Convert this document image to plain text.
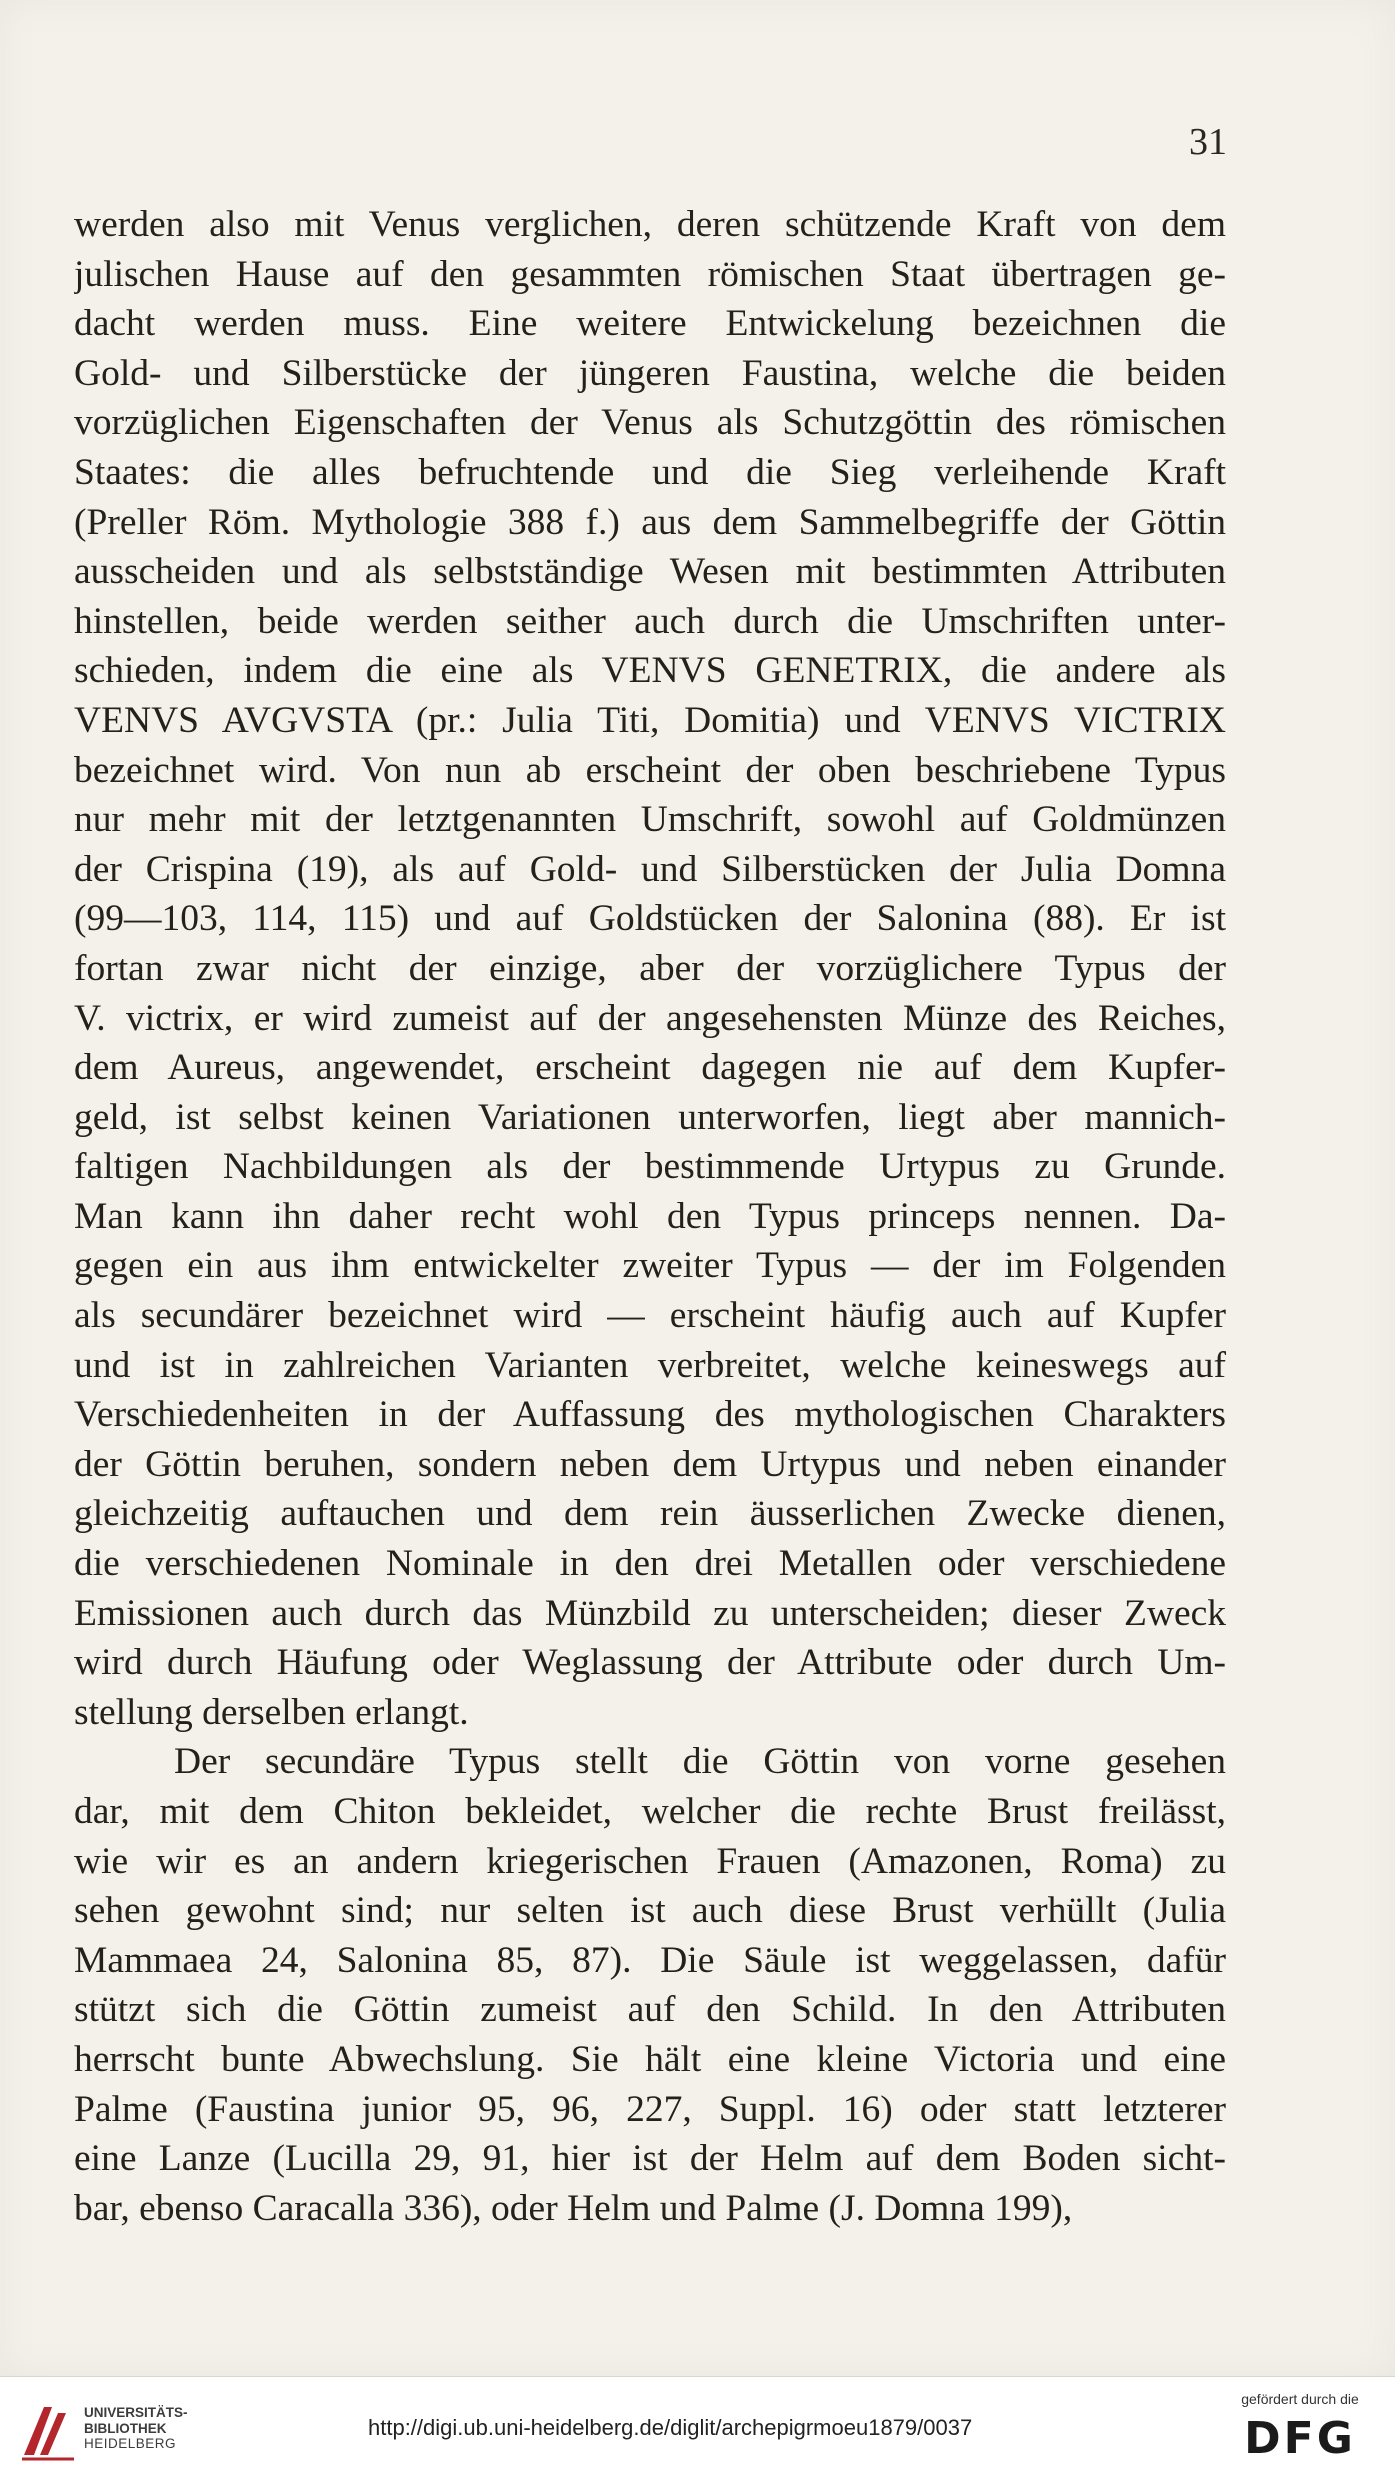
31
werden also mit Venus verglichen, deren schützende Kraft von dem
julischen Hause auf den gesammten römischen Staat übertragen ge-
dacht werden muss. Eine weitere Entwickelung bezeichnen die
Gold- und Silberstücke der jüngeren Faustina, welche die beiden
vorzüglichen Eigenschaften der Venus als Schutzgöttin des römischen
Staates: die alles befruchtende und die Sieg verleihende Kraft
(Preller Röm. Mythologie 388 f.) aus dem Sammelbegriffe der Göttin
ausscheiden und als selbstständige Wesen mit bestimmten Attributen
hinstellen, beide werden seither auch durch die Umschriften unter-
schieden, indem die eine als VENVS GENETRIX, die andere als
VENVS AVGVSTA (pr.: Julia Titi, Domitia) und VENVS VICTRIX
bezeichnet wird. Von nun ab erscheint der oben beschriebene Typus
nur mehr mit der letztgenannten Umschrift, sowohl auf Goldmünzen
der Crispina (19), als auf Gold- und Silberstücken der Julia Domna
(99—103, 114, 115) und auf Goldstücken der Salonina (88). Er ist
fortan zwar nicht der einzige, aber der vorzüglichere Typus der
V. victrix, er wird zumeist auf der angesehensten Münze des Reiches,
dem Aureus, angewendet, erscheint dagegen nie auf dem Kupfer-
geld, ist selbst keinen Variationen unterworfen, liegt aber mannich-
faltigen Nachbildungen als der bestimmende Urtypus zu Grunde.
Man kann ihn daher recht wohl den Typus princeps nennen. Da-
gegen ein aus ihm entwickelter zweiter Typus — der im Folgenden
als secundärer bezeichnet wird — erscheint häufig auch auf Kupfer
und ist in zahlreichen Varianten verbreitet, welche keineswegs auf
Verschiedenheiten in der Auffassung des mythologischen Charakters
der Göttin beruhen, sondern neben dem Urtypus und neben einander
gleichzeitig auftauchen und dem rein äusserlichen Zwecke dienen,
die verschiedenen Nominale in den drei Metallen oder verschiedene
Emissionen auch durch das Münzbild zu unterscheiden; dieser Zweck
wird durch Häufung oder Weglassung der Attribute oder durch Um-
stellung derselben erlangt.
Der secundäre Typus stellt die Göttin von vorne gesehen
dar, mit dem Chiton bekleidet, welcher die rechte Brust freilässt,
wie wir es an andern kriegerischen Frauen (Amazonen, Roma) zu
sehen gewohnt sind; nur selten ist auch diese Brust verhüllt (Julia
Mammaea 24, Salonina 85, 87). Die Säule ist weggelassen, dafür
stützt sich die Göttin zumeist auf den Schild. In den Attributen
herrscht bunte Abwechslung. Sie hält eine kleine Victoria und eine
Palme (Faustina junior 95, 96, 227, Suppl. 16) oder statt letzterer
eine Lanze (Lucilla 29, 91, hier ist der Helm auf dem Boden sicht-
bar, ebenso Caracalla 336), oder Helm und Palme (J. Domna 199),
UNIVERSITÄTS-
BIBLIOTHEK
HEIDELBERG
http://digi.ub.uni-heidelberg.de/diglit/archepigrmoeu1879/0037
gefördert durch die
DFG
